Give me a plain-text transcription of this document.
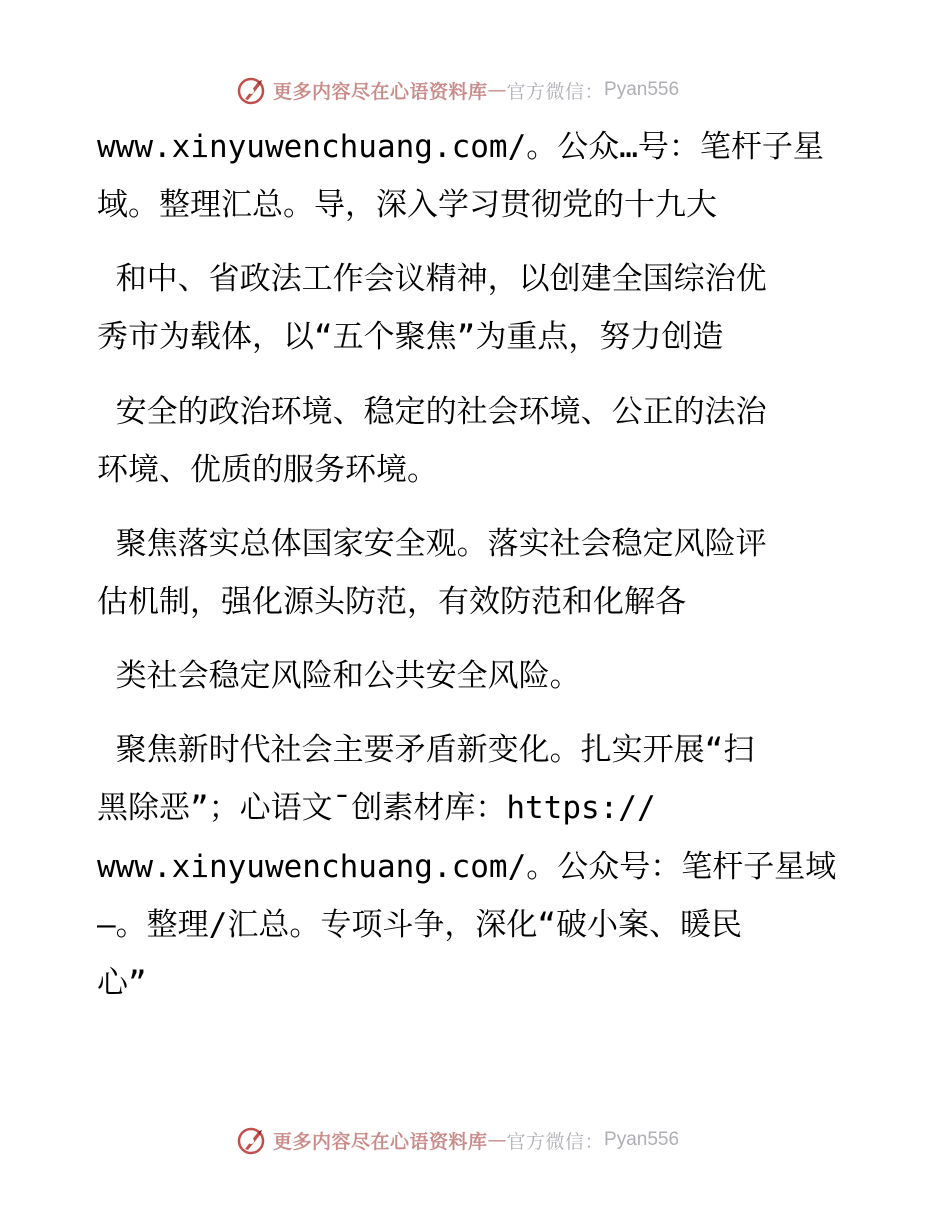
更多内容尽在心语资料库 — 官方微信： Pyan556

www.xinyuwenchuang.com/。公众…号：笔杆子星

域。整理汇总。导，深入学习贯彻党的十九大

和中、省政法工作会议精神，以创建全国综治优

秀市为载体，以“五个聚焦”为重点，努力创造

安全的政治环境、稳定的社会环境、公正的法治

环境、优质的服务环境。

聚焦落实总体国家安全观。落实社会稳定风险评

估机制，强化源头防范，有效防范和化解各

类社会稳定风险和公共安全风险。

聚焦新时代社会主要矛盾新变化。扎实开展“扫

黑除恶”；心语文¯创素材库：https://

www.xinyuwenchuang.com/。公众号：笔杆子星域

—。整理/汇总。专项斗争，深化“破小案、暖民

心”

更多内容尽在心语资料库 — 官方微信： Pyan556
